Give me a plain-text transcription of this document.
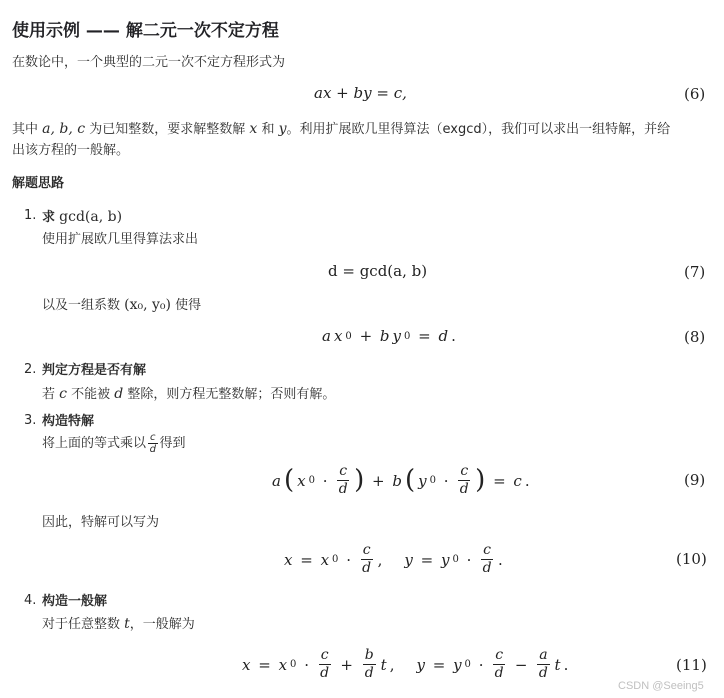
使用示例 —— 解二元一次不定方程
在数论中，一个典型的二元一次不定方程形式为
ax + by = c,	(6)
其中 a, b, c 为已知整数，要求解整数解 x 和 y。利用扩展欧几里得算法（exgcd），我们可以求出一组特解，并给
出该方程的一般解。
解题思路
1. 求 gcd(a, b)
使用扩展欧几里得算法求出
d = gcd(a, b)	(7)
以及一组系数 (x₀, y₀) 使得
a x 0 + b y 0 = d .	(8)
2. 判定方程是否有解
若 c 不能被 d 整除，则方程无整数解；否则有解。
3. 构造特解
将上面的等式乘以 $\frac{c}{d}$ 得到
a ( x $0 \cdot \frac{c}{d}$ ) + b ( y $0 \cdot \frac{c}{d}$ ) = c .	(9)
因此，特解可以写为
x = x $0 \cdot \frac{c}{d}$ , y = y $0 \cdot \frac{c}{d}$ .	(10)
4. 构造一般解
对于任意整数 t，一般解为
x = x $0 \cdot \frac{c}{d} + \frac{b}{d}$ t , y = y $0 \cdot \frac{c}{d} - \frac{a}{d}$ t .	(11)
CSDN @Seeing5
